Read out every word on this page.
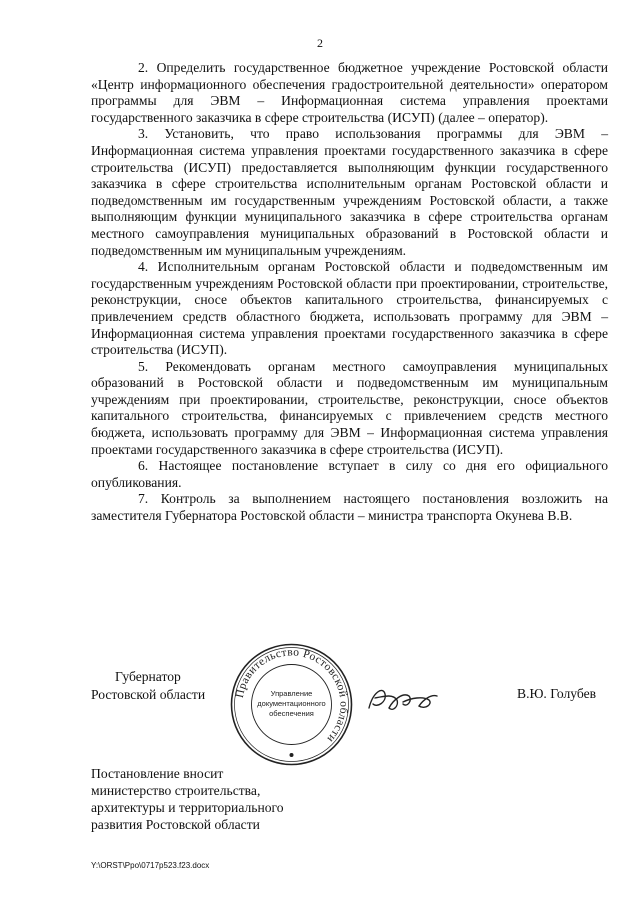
2

2. Определить государственное бюджетное учреждение Ростовской области «Центр информационного обеспечения градостроительной деятельности» оператором программы для ЭВМ – Информационная система управления проектами государственного заказчика в сфере строительства (ИСУП) (далее – оператор).

3. Установить, что право использования программы для ЭВМ – Информационная система управления проектами государственного заказчика в сфере строительства (ИСУП) предоставляется выполняющим функции государственного заказчика в сфере строительства исполнительным органам Ростовской области и подведомственным им государственным учреждениям Ростовской области, а также выполняющим функции муниципального заказчика в сфере строительства органам местного самоуправления муниципальных образований в Ростовской области и подведомственным им муниципальным учреждениям.

4. Исполнительным органам Ростовской области и подведомственным им государственным учреждениям Ростовской области при проектировании, строительстве, реконструкции, сносе объектов капитального строительства, финансируемых с привлечением средств областного бюджета, использовать программу для ЭВМ – Информационная система управления проектами государственного заказчика в сфере строительства (ИСУП).

5. Рекомендовать органам местного самоуправления муниципальных образований в Ростовской области и подведомственным им муниципальным учреждениям при проектировании, строительстве, реконструкции, сносе объектов капитального строительства, финансируемых с привлечением средств местного бюджета, использовать программу для ЭВМ – Информационная система управления проектами государственного заказчика в сфере строительства (ИСУП).

6. Настоящее постановление вступает в силу со дня его официального опубликования.

7. Контроль за выполнением настоящего постановления возложить на заместителя Губернатора Ростовской области – министра транспорта Окунева В.В.

Губернатор
Ростовской области Правительство Ростовской области
Управление
документационного
обеспечения
В.Ю. Голубев
Постановление вносит
министерство строительства,
архитектуры и территориального
развития Ростовской области
Y:\ORST\Ppo\0717p523.f23.docx
